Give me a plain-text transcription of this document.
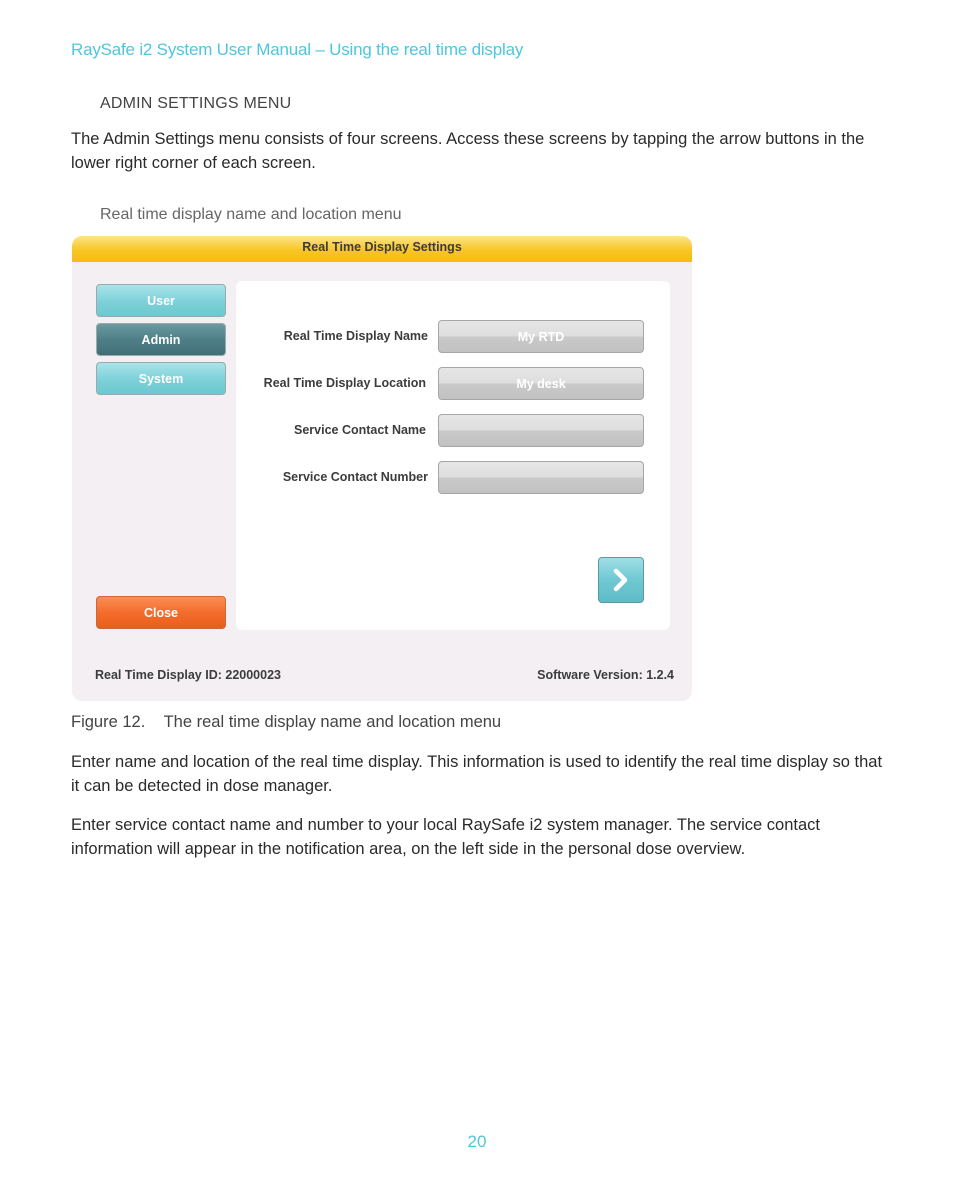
RaySafe i2 System User Manual – Using the real time display
ADMIN SETTINGS MENU

The Admin Settings menu consists of four screens. Access these screens by tapping the arrow buttons in the lower right corner of each screen.

Real time display name and location menu
Real Time Display Settings
User
Admin
System
Close
Real Time Display Name	My RTD
Real Time Display Location	My desk
Service Contact Name
Service Contact Number
Real Time Display ID: 22000023	Software Version: 1.2.4
Figure 12. The real time display name and location menu

Enter name and location of the real time display. This information is used to identify the real time display so that it can be detected in dose manager.

Enter service contact name and number to your local RaySafe i2 system manager. The service contact information will appear in the notification area, on the left side in the personal dose overview.

20
